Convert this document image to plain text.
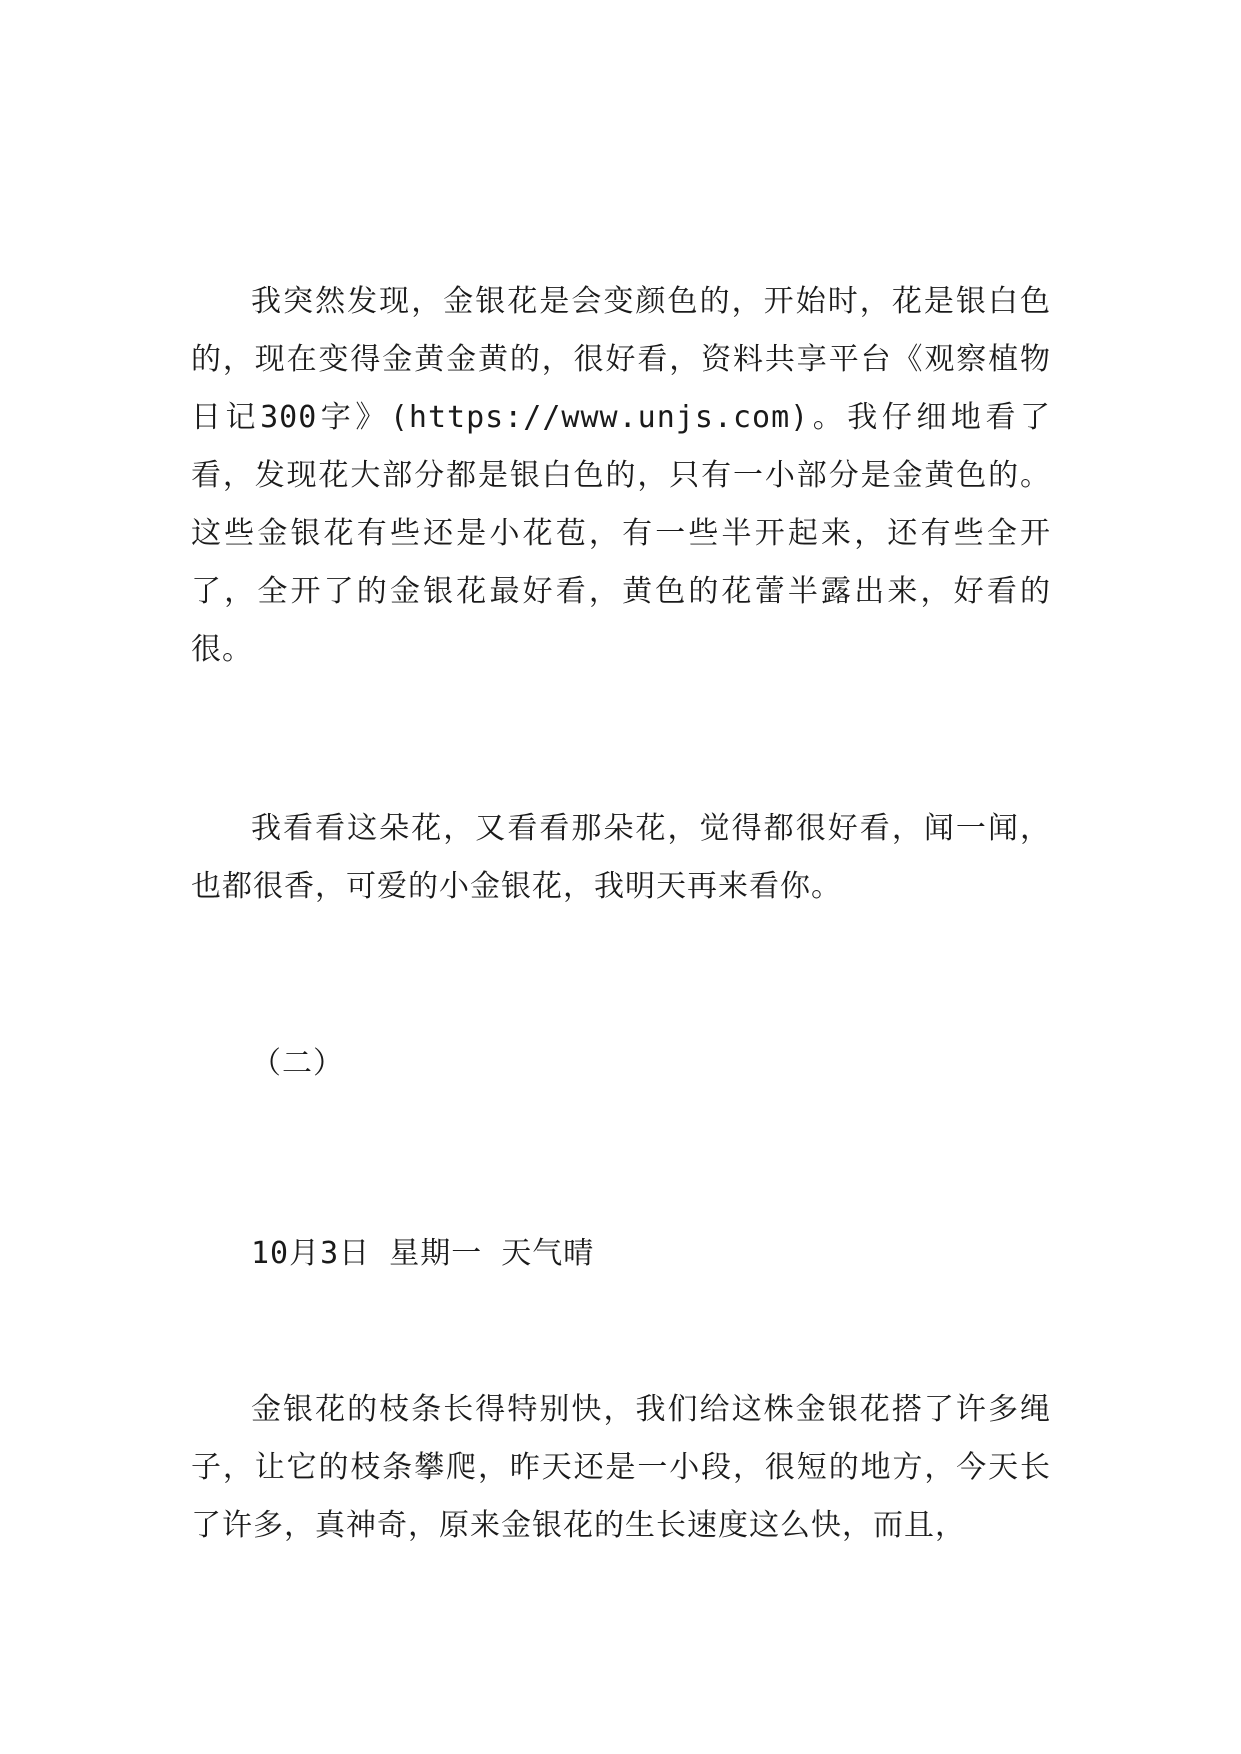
我突然发现，金银花是会变颜色的，开始时，花是银白色的，现在变得金黄金黄的，很好看，资料共享平台《观察植物日记300字》(https://www.unjs.com)。我仔细地看了看，发现花大部分都是银白色的，只有一小部分是金黄色的。这些金银花有些还是小花苞，有一些半开起来，还有些全开了，全开了的金银花最好看，黄色的花蕾半露出来，好看的很。

我看看这朵花，又看看那朵花，觉得都很好看，闻一闻，也都很香，可爱的小金银花，我明天再来看你。

（二）

10月3日 星期一 天气晴

金银花的枝条长得特别快，我们给这株金银花搭了许多绳子，让它的枝条攀爬，昨天还是一小段，很短的地方，今天长了许多，真神奇，原来金银花的生长速度这么快，而且，
